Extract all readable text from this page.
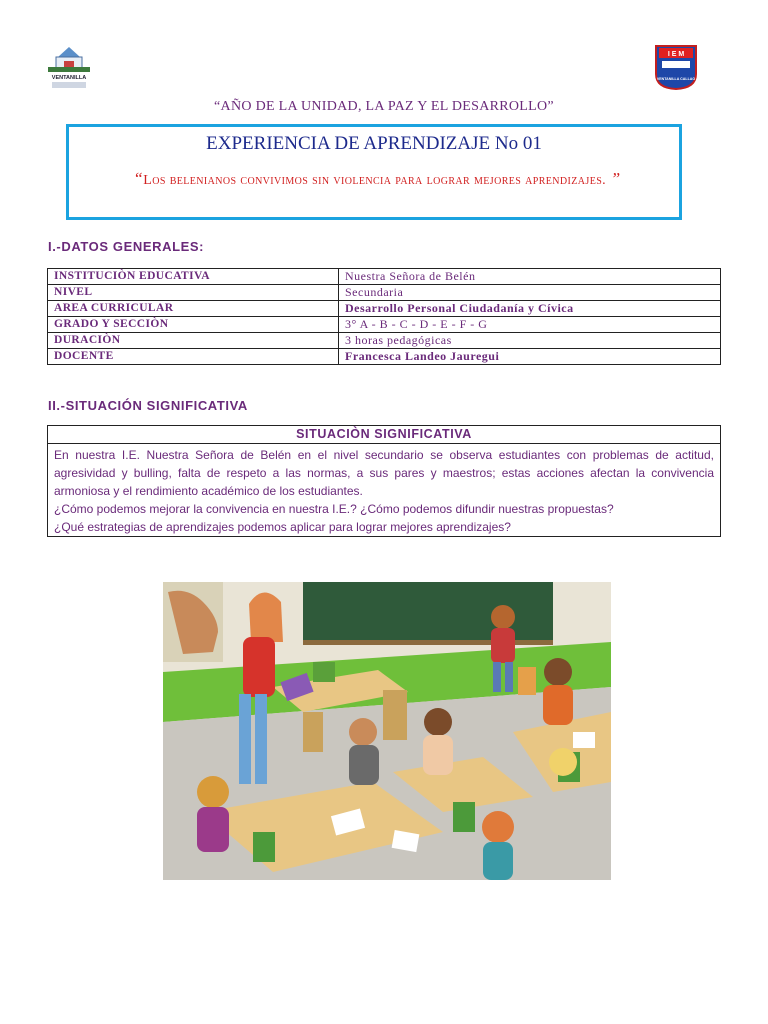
VENTANILLA
I E M
VENTANILLA CALLAO
“AÑO DE LA UNIDAD, LA PAZ Y EL DESARROLLO”
EXPERIENCIA DE APRENDIZAJE No 01
“Los belenianos convivimos sin violencia para lograr mejores aprendizajes. ”
I.-DATOS GENERALES:
INSTITUCIÒN EDUCATIVA	Nuestra Señora de Belén
NIVEL	Secundaria
AREA CURRICULAR	Desarrollo Personal Ciudadanía y Cívica
GRADO Y SECCIÒN	3° A - B - C - D - E - F - G
DURACIÒN	3 horas pedagógicas
DOCENTE	Francesca Landeo Jauregui
II.-SITUACIÓN SIGNIFICATIVA
SITUACIÒN SIGNIFICATIVA

En nuestra I.E. Nuestra Señora de Belén en el nivel secundario se observa estudiantes con problemas de actitud, agresividad y bulling, falta de respeto a las normas, a sus pares y maestros; estas acciones afectan la convivencia armoniosa y el rendimiento académico de los estudiantes.

¿Cómo podemos mejorar la convivencia en nuestra I.E.? ¿Cómo podemos difundir nuestras propuestas?

¿Qué estrategias de aprendizajes podemos aplicar para lograr mejores aprendizajes?
